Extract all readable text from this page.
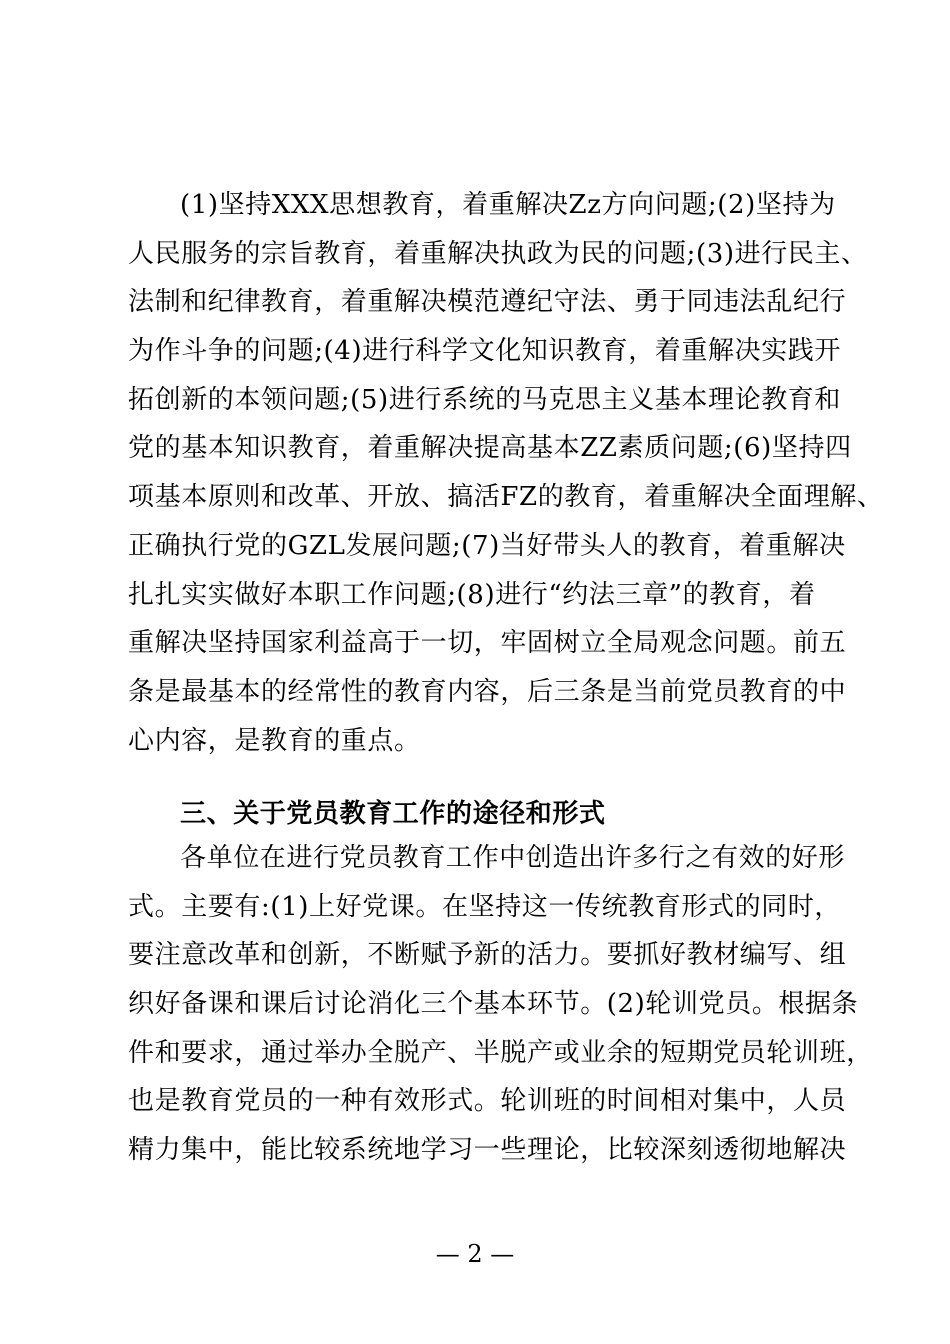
(1)坚持XXX思想教育，着重解决Zz方向问题;(2)坚持为
人民服务的宗旨教育，着重解决执政为民的问题;(3)进行民主、
法制和纪律教育，着重解决模范遵纪守法、勇于同违法乱纪行
为作斗争的问题;(4)进行科学文化知识教育，着重解决实践开
拓创新的本领问题;(5)进行系统的马克思主义基本理论教育和
党的基本知识教育，着重解决提高基本ZZ素质问题;(6)坚持四
项基本原则和改革、开放、搞活FZ的教育，着重解决全面理解、
正确执行党的GZL发展问题;(7)当好带头人的教育，着重解决
扎扎实实做好本职工作问题;(8)进行“约法三章”的教育，着
重解决坚持国家利益高于一切，牢固树立全局观念问题。前五
条是最基本的经常性的教育内容，后三条是当前党员教育的中
心内容，是教育的重点。
三、关于党员教育工作的途径和形式
各单位在进行党员教育工作中创造出许多行之有效的好形
式。主要有:(1)上好党课。在坚持这一传统教育形式的同时，
要注意改革和创新，不断赋予新的活力。要抓好教材编写、组
织好备课和课后讨论消化三个基本环节。(2)轮训党员。根据条
件和要求，通过举办全脱产、半脱产或业余的短期党员轮训班，
也是教育党员的一种有效形式。轮训班的时间相对集中，人员
精力集中，能比较系统地学习一些理论，比较深刻透彻地解决
— 2 —
